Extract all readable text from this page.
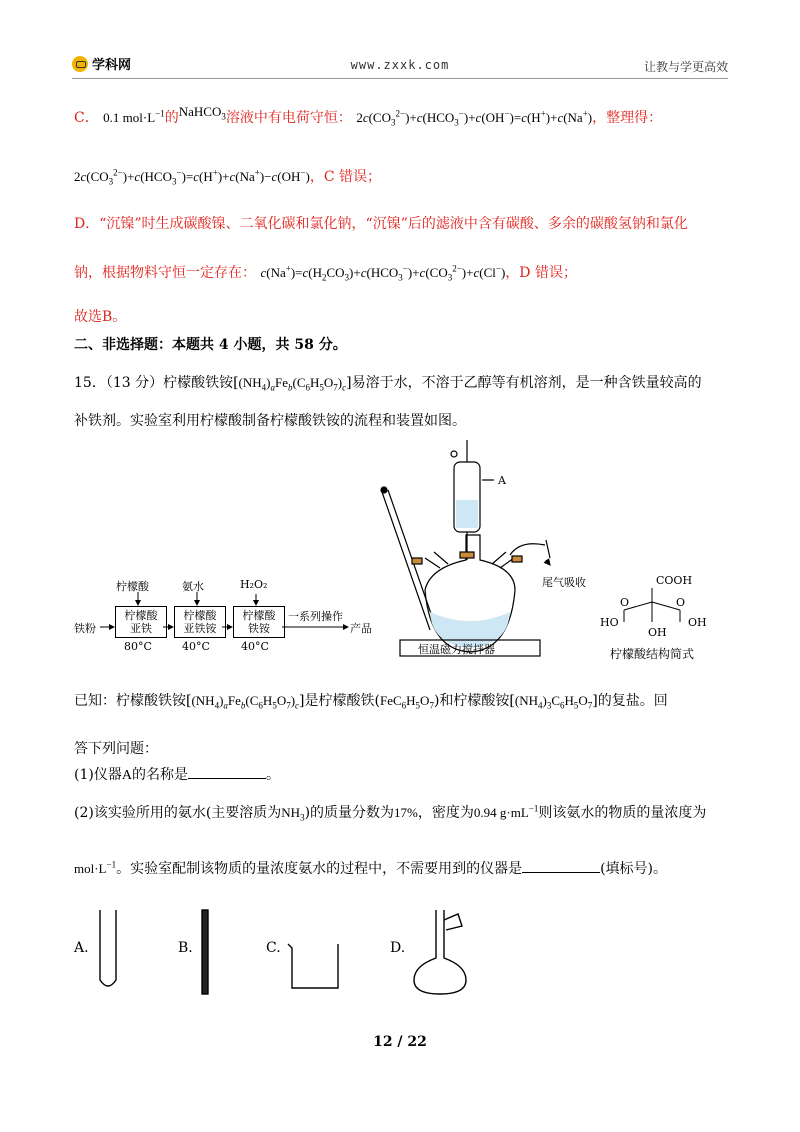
学科网	www.zxxk.com	让教与学更高效
C． 0.1 $mol\cdot L^{-1}$的NaHCO$_3$溶液中有电荷守恒： $2c(CO_3^{2-})+c(HCO_3^-)+c(OH^-)=c(H^+)+c(Na^+)$，整理得：
$2c(CO_3^{2-})+c(HCO_3^-)=c(H^+)+c(Na^+)-c(OH^-)$，C 错误；
D．“沉镍”时生成碳酸镍、二氧化碳和氯化钠，“沉镍”后的滤液中含有碳酸、多余的碳酸氢钠和氯化
钠，根据物料守恒一定存在： $c(Na^+)=c(H_2CO_3)+c(HCO_3^-)+c(CO_3^{2-})+c(Cl^-)$，D 错误；
故选B。
二、非选择题：本题共 4 小题，共 58 分。
15．（13 分）柠檬酸铁铵$[(NH_4)_aFe_b(C_6H_5O_7)_c]$易溶于水，不溶于乙醇等有机溶剂，是一种含铁量较高的
补铁剂。实验室利用柠檬酸制备柠檬酸铁铵的流程和装置如图。
铁粉
柠檬酸	氨水	H₂O₂
柠檬酸
亚铁
柠檬酸
亚铁铵
柠檬酸
铁铵
80°C	40°C	40°C
一系列操作
产品
A
尾气吸收
恒温磁力搅拌器
COOH
HO	OH
OH
O	O
柠檬酸结构简式
已知：柠檬酸铁铵$[(NH_4)_aFe_b(C_6H_5O_7)_c]$是柠檬酸铁$(FeC_6H_5O_7)$和柠檬酸铵$[(NH_4)_3C_6H_5O_7]$的复盐。回
答下列问题：
(1)仪器A的名称是	。
(2)该实验所用的氨水(主要溶质为$NH_3$)的质量分数为17%，密度为0.94 $g\cdot mL^{-1}$则该氨水的物质的量浓度为
$mol\cdot L^{-1}$。实验室配制该物质的量浓度氨水的过程中，不需要用到的仪器是	(填标号)。
A.	B.	C.	D.
12 / 22
